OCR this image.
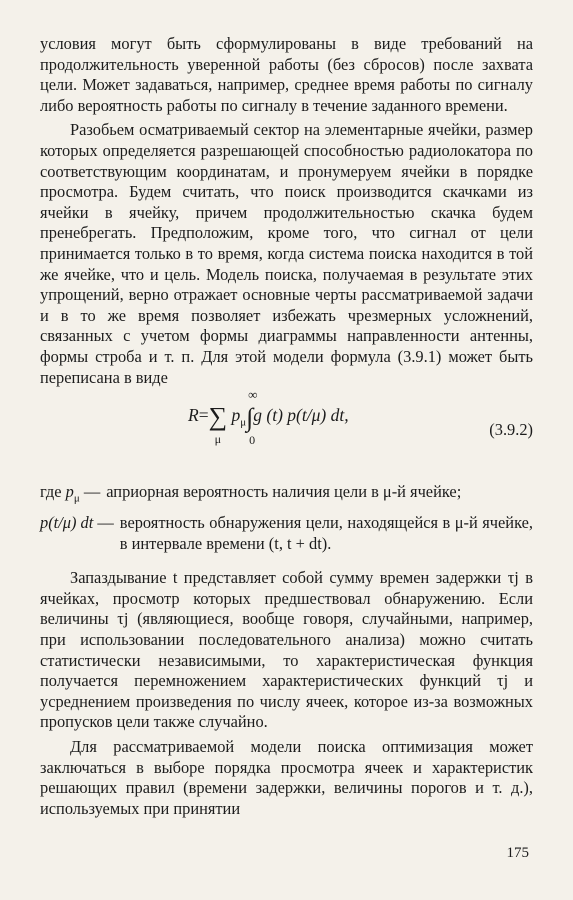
условия могут быть сформулированы в виде требований на продолжительность уверенной работы (без сбросов) после захвата цели. Может задаваться, например, среднее время работы по сигналу либо вероятность работы по сигналу в течение заданного времени.

Разобьем осматриваемый сектор на элементарные ячейки, размер которых определяется разрешающей способностью радиолокатора по соответствующим координатам, и пронумеруем ячейки в порядке просмотра. Будем считать, что поиск производится скачками из ячейки в ячейку, причем продолжительностью скачка будем пренебрегать. Предположим, кроме того, что сигнал от цели принимается только в то время, когда система поиска находится в той же ячейке, что и цель. Модель поиска, получаемая в результате этих упрощений, верно отражает основные черты рассматриваемой задачи и в то же время позволяет избежать чрезмерных усложнений, связанных с учетом формы диаграммы направленности антенны, формы строба и т. п. Для этой модели формула (3.9.1) может быть переписана в виде

R=∑
μ
$p_\mu\int$
∞
0
g (t) p(t/μ) dt,
(3.9.2)
где $p_\mu$ — априорная вероятность наличия цели в μ-й ячейке;
p(t/μ) dt — вероятность обнаружения цели, находящейся в μ-й ячейке, в интервале времени (t, t + dt).

Запаздывание t представляет собой сумму времен задержки τj в ячейках, просмотр которых предшествовал обнаружению. Если величины τj (являющиеся, вообще говоря, случайными, например, при использовании последовательного анализа) можно считать статистически независимыми, то характеристическая функция получается перемножением характеристических функций τj и усреднением произведения по числу ячеек, которое из-за возможных пропусков цели также случайно.

Для рассматриваемой модели поиска оптимизация может заключаться в выборе порядка просмотра ячеек и характеристик решающих правил (времени задержки, величины порогов и т. д.), используемых при принятии

175
